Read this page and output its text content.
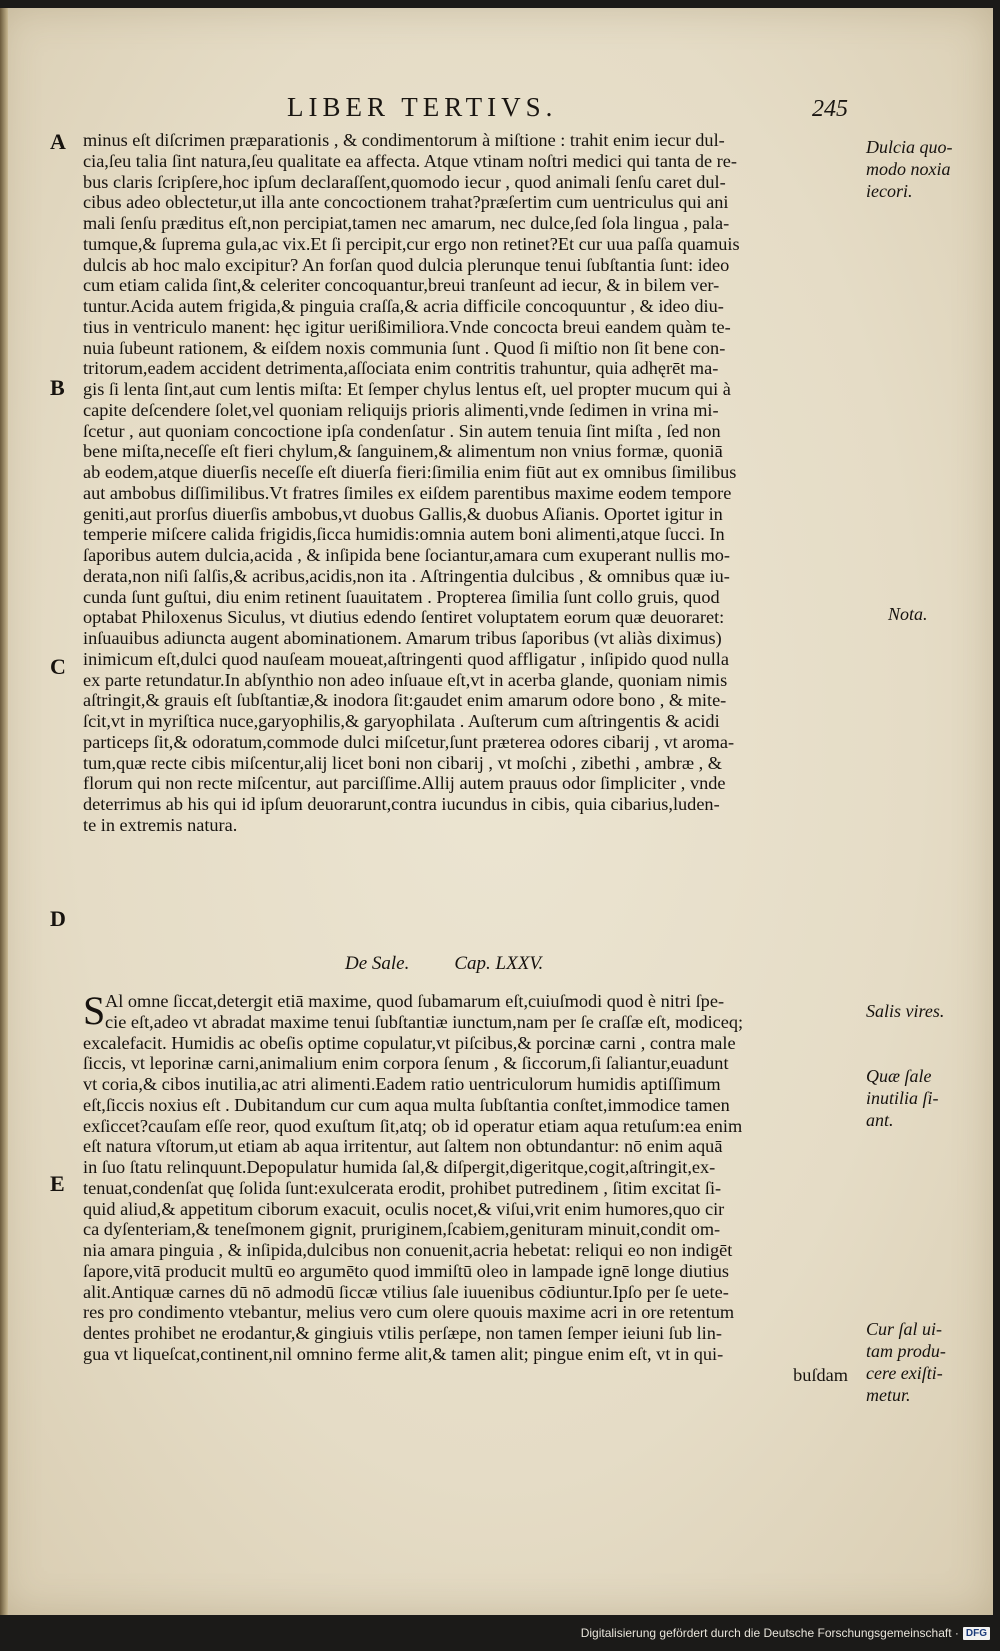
LIBER TERTIVS.	245
A
B
C
D
E
Dulcia quo-
modo noxia
iecori.
Nota.
Salis vires.
Quæ ſale
inutilia ſi-
ant.
Cur ſal ui-
tam produ-
cere exiſti-
metur.
minus eſt diſcrimen præparationis , & condimentorum à miſtione : trahit enim iecur dul-
cia,ſeu talia ſint natura,ſeu qualitate ea affecta. Atque vtinam noſtri medici qui tanta de re-
bus claris ſcripſere,hoc ipſum declaraſſent,quomodo iecur , quod animali ſenſu caret dul-
cibus adeo oblectetur,ut illa ante concoctionem trahat?præſertim cum uentriculus qui ani
mali ſenſu præditus eſt,non percipiat,tamen nec amarum, nec dulce,ſed ſola lingua , pala-
tumque,& ſuprema gula,ac vix.Et ſi percipit,cur ergo non retinet?Et cur uua paſſa quamuis
dulcis ab hoc malo excipitur? An forſan quod dulcia plerunque tenui ſubſtantia ſunt: ideo
cum etiam calida ſint,& celeriter concoquantur,breui tranſeunt ad iecur, & in bilem ver-
tuntur.Acida autem frigida,& pinguia craſſa,& acria difficile concoquuntur , & ideo diu-
tius in ventriculo manent: hęc igitur uerißimiliora.Vnde concocta breui eandem quàm te-
nuia ſubeunt rationem, & eiſdem noxis communia ſunt . Quod ſi miſtio non ſit bene con-
tritorum,eadem accident detrimenta,aſſociata enim contritis trahuntur, quia adhęrēt ma-
gis ſi lenta ſint,aut cum lentis miſta: Et ſemper chylus lentus eſt, uel propter mucum qui à
capite deſcendere ſolet,vel quoniam reliquijs prioris alimenti,vnde ſedimen in vrina mi-
ſcetur , aut quoniam concoctione ipſa condenſatur . Sin autem tenuia ſint miſta , ſed non
bene miſta,neceſſe eſt fieri chylum,& ſanguinem,& alimentum non vnius formæ, quoniā
ab eodem,atque diuerſis neceſſe eſt diuerſa fieri:ſimilia enim fiūt aut ex omnibus ſimilibus
aut ambobus diſſimilibus.Vt fratres ſimiles ex eiſdem parentibus maxime eodem tempore
geniti,aut prorſus diuerſis ambobus,vt duobus Gallis,& duobus Aſianis. Oportet igitur in
temperie miſcere calida frigidis,ſicca humidis:omnia autem boni alimenti,atque ſucci. In
ſaporibus autem dulcia,acida , & inſipida bene ſociantur,amara cum exuperant nullis mo-
derata,non niſi ſalſis,& acribus,acidis,non ita . Aſtringentia dulcibus , & omnibus quæ iu-
cunda ſunt guſtui, diu enim retinent ſuauitatem . Propterea ſimilia ſunt collo gruis, quod
optabat Philoxenus Siculus, vt diutius edendo ſentiret voluptatem eorum quæ deuoraret:
inſuauibus adiuncta augent abominationem. Amarum tribus ſaporibus (vt aliàs diximus)
inimicum eſt,dulci quod nauſeam moueat,aſtringenti quod affligatur , inſipido quod nulla
ex parte retundatur.In abſynthio non adeo inſuaue eſt,vt in acerba glande, quoniam nimis
aſtringit,& grauis eſt ſubſtantiæ,& inodora ſit:gaudet enim amarum odore bono , & mite-
ſcit,vt in myriſtica nuce,garyophilis,& garyophilata . Auſterum cum aſtringentis & acidi
particeps ſit,& odoratum,commode dulci miſcetur,ſunt præterea odores cibarij , vt aroma-
tum,quæ recte cibis miſcentur,alij licet boni non cibarij , vt moſchi , zibethi , ambræ , &
florum qui non recte miſcentur, aut parciſſime.Allij autem prauus odor ſimpliciter , vnde
deterrimus ab his qui id ipſum deuorarunt,contra iucundus in cibis, quia cibarius,luden-
te in extremis natura.
De Sale. Cap. LXXV.
S Al omne ſiccat,detergit etiā maxime, quod ſubamarum eſt,cuiuſmodi quod è nitri ſpe-
cie eſt,adeo vt abradat maxime tenui ſubſtantiæ iunctum,nam per ſe craſſæ eſt, modiceq;
excalefacit. Humidis ac obeſis optime copulatur,vt piſcibus,& porcinæ carni , contra male
ſiccis, vt leporinæ carni,animalium enim corpora ſenum , & ſiccorum,ſi ſaliantur,euadunt
vt coria,& cibos inutilia,ac atri alimenti.Eadem ratio uentriculorum humidis aptiſſimum
eſt,ſiccis noxius eſt . Dubitandum cur cum aqua multa ſubſtantia conſtet,immodice tamen
exſiccet?cauſam eſſe reor, quod exuſtum ſit,atq; ob id operatur etiam aqua retuſum:ea enim
eſt natura vſtorum,ut etiam ab aqua irritentur, aut ſaltem non obtundantur: nō enim aquā
in ſuo ſtatu relinquunt.Depopulatur humida ſal,& diſpergit,digeritque,cogit,aſtringit,ex-
tenuat,condenſat quę ſolida ſunt:exulcerata erodit, prohibet putredinem , ſitim excitat ſi-
quid aliud,& appetitum ciborum exacuit, oculis nocet,& viſui,vrit enim humores,quo cir
ca dyſenteriam,& teneſmonem gignit, pruriginem,ſcabiem,genituram minuit,condit om-
nia amara pinguia , & inſipida,dulcibus non conuenit,acria hebetat: reliqui eo non indigēt
ſapore,vitā producit multū eo argumēto quod immiſtū oleo in lampade ignē longe diutius
alit.Antiquæ carnes dū nō admodū ſiccæ vtilius ſale iuuenibus cōdiuntur.Ipſo per ſe uete-
res pro condimento vtebantur, melius vero cum olere quouis maxime acri in ore retentum
dentes prohibet ne erodantur,& gingiuis vtilis perſæpe, non tamen ſemper ieiuni ſub lin-
gua vt liqueſcat,continent,nil omnino ferme alit,& tamen alit; pingue enim eſt, vt in qui-
buſdam
Digitalisierung gefördert durch die Deutsche Forschungsgemeinschaft · DFG
